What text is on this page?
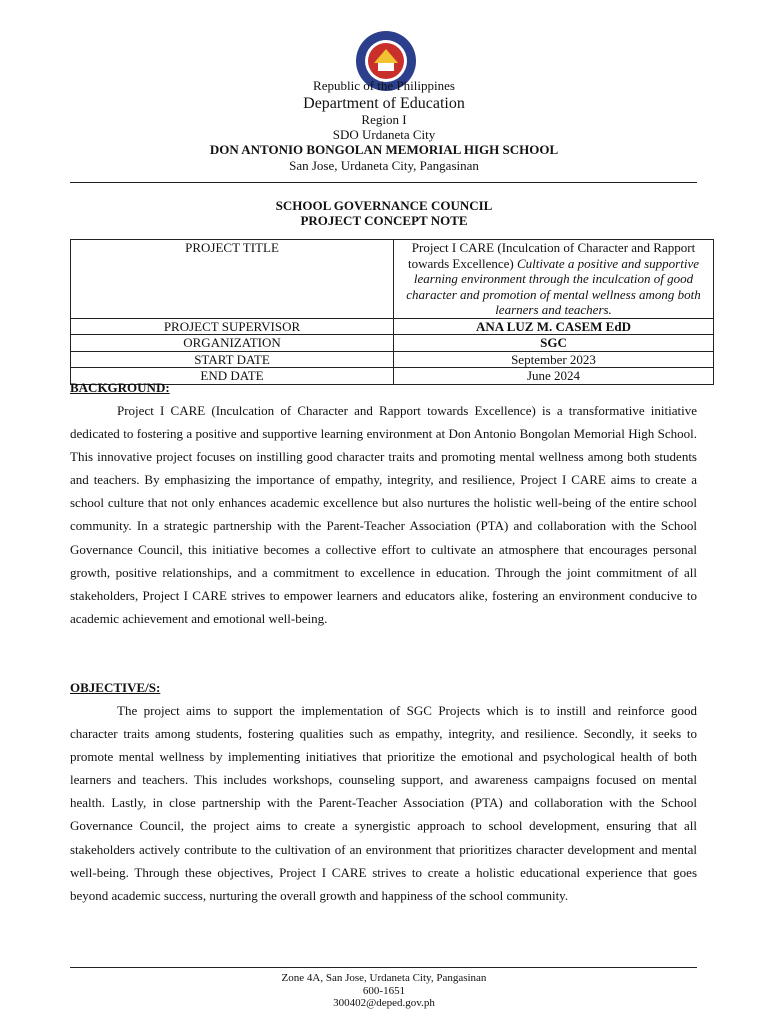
Republic of the Philippines
Department of Education
Region I
SDO Urdaneta City
DON ANTONIO BONGOLAN MEMORIAL HIGH SCHOOL
San Jose, Urdaneta City, Pangasinan
SCHOOL GOVERNANCE COUNCIL
PROJECT CONCEPT NOTE
PROJECT TITLE	Project I CARE (Inculcation of Character and Rapport towards Excellence) Cultivate a positive and supportive learning environment through the inculcation of good character and promotion of mental wellness among both learners and teachers.
PROJECT SUPERVISOR	ANA LUZ M. CASEM EdD
ORGANIZATION	SGC
START DATE	September 2023
END DATE	June 2024
BACKGROUND:

Project I CARE (Inculcation of Character and Rapport towards Excellence) is a transformative initiative dedicated to fostering a positive and supportive learning environment at Don Antonio Bongolan Memorial High School. This innovative project focuses on instilling good character traits and promoting mental wellness among both students and teachers. By emphasizing the importance of empathy, integrity, and resilience, Project I CARE aims to create a school culture that not only enhances academic excellence but also nurtures the holistic well-being of the entire school community. In a strategic partnership with the Parent-Teacher Association (PTA) and collaboration with the School Governance Council, this initiative becomes a collective effort to cultivate an atmosphere that encourages personal growth, positive relationships, and a commitment to excellence in education. Through the joint commitment of all stakeholders, Project I CARE strives to empower learners and educators alike, fostering an environment conducive to academic achievement and emotional well-being.

OBJECTIVE/S:

The project aims to support the implementation of SGC Projects which is to instill and reinforce good character traits among students, fostering qualities such as empathy, integrity, and resilience. Secondly, it seeks to promote mental wellness by implementing initiatives that prioritize the emotional and psychological health of both learners and teachers. This includes workshops, counseling support, and awareness campaigns focused on mental health. Lastly, in close partnership with the Parent-Teacher Association (PTA) and collaboration with the School Governance Council, the project aims to create a synergistic approach to school development, ensuring that all stakeholders actively contribute to the cultivation of an environment that prioritizes character development and mental well-being. Through these objectives, Project I CARE strives to create a holistic educational experience that goes beyond academic success, nurturing the overall growth and happiness of the school community.

Zone 4A, San Jose, Urdaneta City, Pangasinan
600-1651
300402@deped.gov.ph
